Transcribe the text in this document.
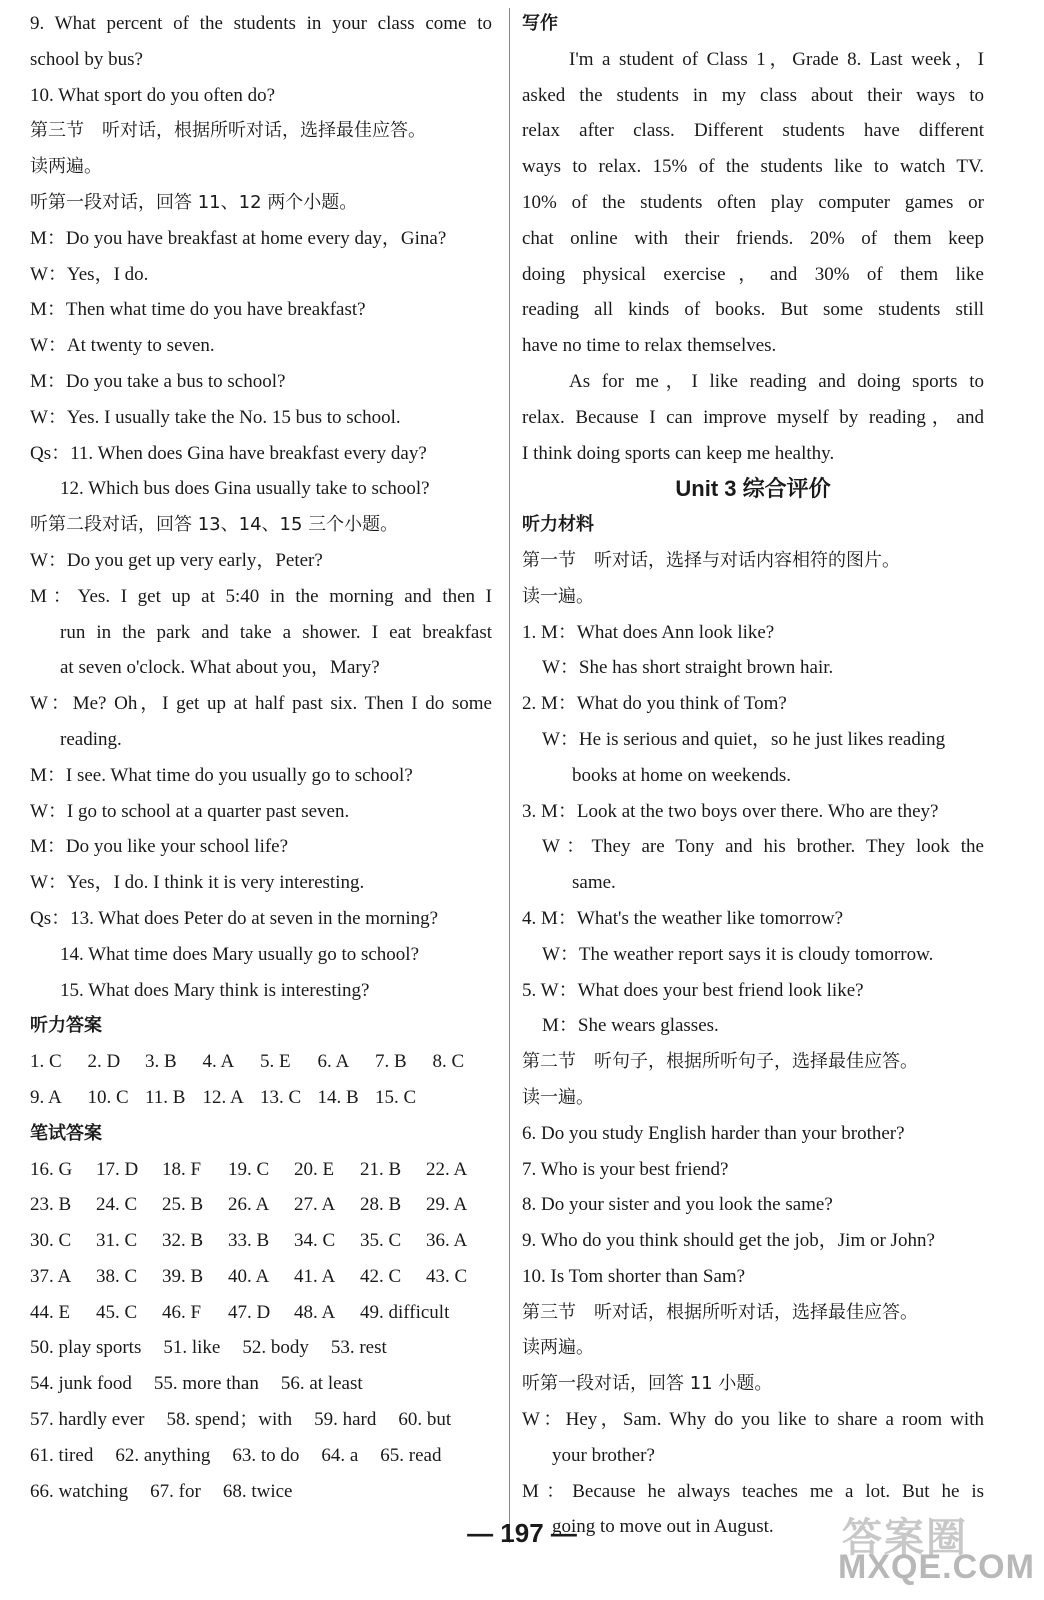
9. What percent of the students in your class come to
school by bus?
10. What sport do you often do?
第三节　听对话，根据所听对话，选择最佳应答。
读两遍。
听第一段对话，回答 11、12 两个小题。
M：Do you have breakfast at home every day，Gina?
W：Yes，I do.
M：Then what time do you have breakfast?
W：At twenty to seven.
M：Do you take a bus to school?
W：Yes. I usually take the No. 15 bus to school.
Qs：11. When does Gina have breakfast every day?
12. Which bus does Gina usually take to school?
听第二段对话，回答 13、14、15 三个小题。
W：Do you get up very early，Peter?
M：Yes. I get up at 5:40 in the morning and then I
run in the park and take a shower. I eat breakfast
at seven o'clock. What about you，Mary?
W：Me? Oh，I get up at half past six. Then I do some
reading.
M：I see. What time do you usually go to school?
W：I go to school at a quarter past seven.
M：Do you like your school life?
W：Yes，I do. I think it is very interesting.
Qs：13. What does Peter do at seven in the morning?
14. What time does Mary usually go to school?
15. What does Mary think is interesting?
听力答案
1. C	2. D	3. B	4. A	5. E	6. A	7. B	8. C
9. A	10. C 11. B 12. A 13. C 14. B 15. C
笔试答案
16. G	17. D	18. F	19. C	20. E	21. B	22. A
23. B	24. C	25. B	26. A	27. A	28. B	29. A
30. C	31. C	32. B	33. B	34. C	35. C	36. A
37. A	38. C	39. B	40. A	41. A	42. C	43. C
44. E	45. C	46. F	47. D	48. A	49. difficult
50. play sports 51. like 52. body 53. rest
54. junk food 55. more than 56. at least
57. hardly ever 58. spend；with 59. hard 60. but
61. tired 62. anything 63. to do 64. a 65. read
66. watching 67. for 68. twice
写作
I'm a student of Class 1，Grade 8. Last week，I
asked the students in my class about their ways to
relax after class. Different students have different
ways to relax. 15% of the students like to watch TV.
10% of the students often play computer games or
chat online with their friends. 20% of them keep
doing physical exercise，and 30% of them like
reading all kinds of books. But some students still
have no time to relax themselves.
As for me，I like reading and doing sports to
relax. Because I can improve myself by reading，and
I think doing sports can keep me healthy.
Unit 3 综合评价
听力材料
第一节　听对话，选择与对话内容相符的图片。
读一遍。
1. M：What does Ann look like?
W：She has short straight brown hair.
2. M：What do you think of Tom?
W：He is serious and quiet，so he just likes reading
books at home on weekends.
3. M：Look at the two boys over there. Who are they?
W：They are Tony and his brother. They look the
same.
4. M：What's the weather like tomorrow?
W：The weather report says it is cloudy tomorrow.
5. W：What does your best friend look like?
M：She wears glasses.
第二节　听句子，根据所听句子，选择最佳应答。
读一遍。
6. Do you study English harder than your brother?
7. Who is your best friend?
8. Do your sister and you look the same?
9. Who do you think should get the job，Jim or John?
10. Is Tom shorter than Sam?
第三节　听对话，根据所听对话，选择最佳应答。
读两遍。
听第一段对话，回答 11 小题。
W：Hey，Sam. Why do you like to share a room with
your brother?
M：Because he always teaches me a lot. But he is
going to move out in August.
— 197 —	答案圈
MXQE.COM
